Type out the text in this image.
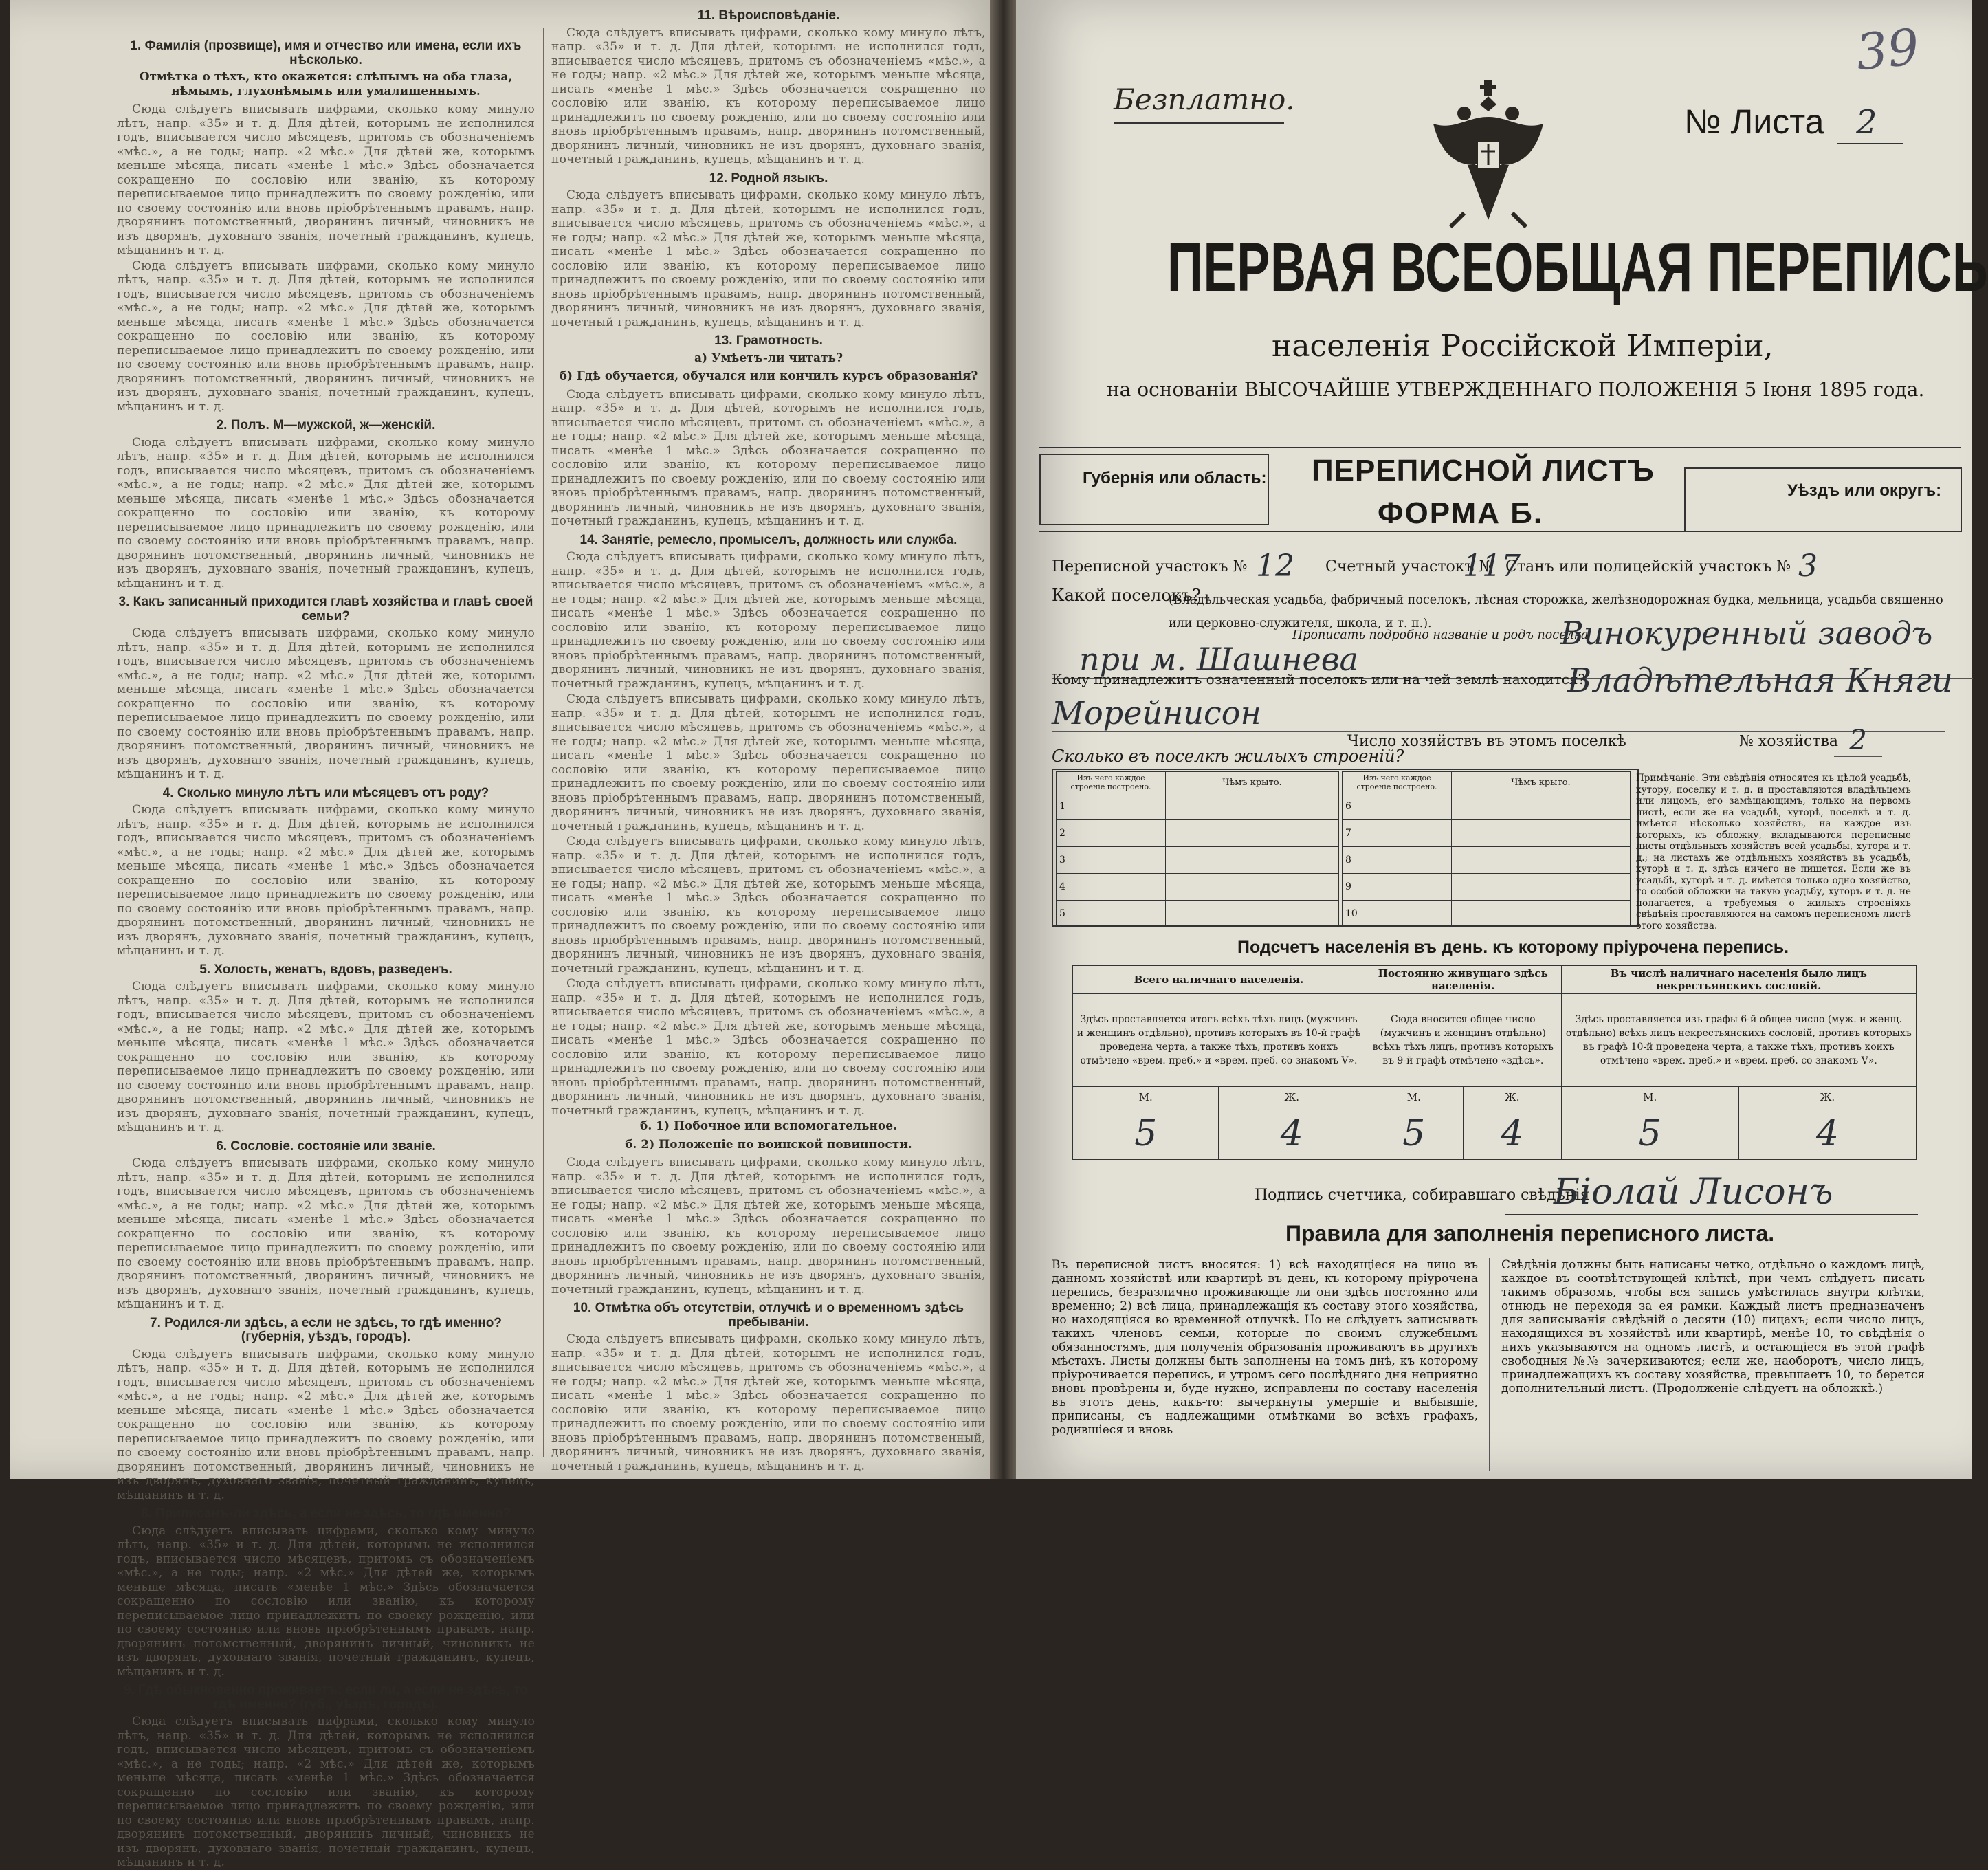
1. Фамилія (прозвище), имя и отчество или имена, если ихъ нѣсколько.
Отмѣтка о тѣхъ, кто окажется: слѣпымъ на оба глаза, нѣмымъ, глухонѣмымъ или умалишеннымъ.

Сюда слѣдуетъ вписывать цифрами, сколько кому минуло лѣтъ, напр. «35» и т. д. Для дѣтей, которымъ не исполнился годъ, вписывается число мѣсяцевъ, притомъ съ обозначеніемъ «мѣс.», а не годы; напр. «2 мѣс.» Для дѣтей же, которымъ меньше мѣсяца, писать «менѣе 1 мѣс.» Здѣсь обозначается сокращенно по сословію или званію, къ которому переписываемое лицо принадлежитъ по своему рожденію, или по своему состоянію или вновь пріобрѣтеннымъ правамъ, напр. дворянинъ потомственный, дворянинъ личный, чиновникъ не изъ дворянъ, духовнаго званія, почетный гражданинъ, купецъ, мѣщанинъ и т. д.

Сюда слѣдуетъ вписывать цифрами, сколько кому минуло лѣтъ, напр. «35» и т. д. Для дѣтей, которымъ не исполнился годъ, вписывается число мѣсяцевъ, притомъ съ обозначеніемъ «мѣс.», а не годы; напр. «2 мѣс.» Для дѣтей же, которымъ меньше мѣсяца, писать «менѣе 1 мѣс.» Здѣсь обозначается сокращенно по сословію или званію, къ которому переписываемое лицо принадлежитъ по своему рожденію, или по своему состоянію или вновь пріобрѣтеннымъ правамъ, напр. дворянинъ потомственный, дворянинъ личный, чиновникъ не изъ дворянъ, духовнаго званія, почетный гражданинъ, купецъ, мѣщанинъ и т. д.

2. Полъ. М—мужской, ж—женскій.

Сюда слѣдуетъ вписывать цифрами, сколько кому минуло лѣтъ, напр. «35» и т. д. Для дѣтей, которымъ не исполнился годъ, вписывается число мѣсяцевъ, притомъ съ обозначеніемъ «мѣс.», а не годы; напр. «2 мѣс.» Для дѣтей же, которымъ меньше мѣсяца, писать «менѣе 1 мѣс.» Здѣсь обозначается сокращенно по сословію или званію, къ которому переписываемое лицо принадлежитъ по своему рожденію, или по своему состоянію или вновь пріобрѣтеннымъ правамъ, напр. дворянинъ потомственный, дворянинъ личный, чиновникъ не изъ дворянъ, духовнаго званія, почетный гражданинъ, купецъ, мѣщанинъ и т. д.

3. Какъ записанный приходится главѣ хозяйства и главѣ своей семьи?

Сюда слѣдуетъ вписывать цифрами, сколько кому минуло лѣтъ, напр. «35» и т. д. Для дѣтей, которымъ не исполнился годъ, вписывается число мѣсяцевъ, притомъ съ обозначеніемъ «мѣс.», а не годы; напр. «2 мѣс.» Для дѣтей же, которымъ меньше мѣсяца, писать «менѣе 1 мѣс.» Здѣсь обозначается сокращенно по сословію или званію, къ которому переписываемое лицо принадлежитъ по своему рожденію, или по своему состоянію или вновь пріобрѣтеннымъ правамъ, напр. дворянинъ потомственный, дворянинъ личный, чиновникъ не изъ дворянъ, духовнаго званія, почетный гражданинъ, купецъ, мѣщанинъ и т. д.

4. Сколько минуло лѣтъ или мѣсяцевъ отъ роду?

Сюда слѣдуетъ вписывать цифрами, сколько кому минуло лѣтъ, напр. «35» и т. д. Для дѣтей, которымъ не исполнился годъ, вписывается число мѣсяцевъ, притомъ съ обозначеніемъ «мѣс.», а не годы; напр. «2 мѣс.» Для дѣтей же, которымъ меньше мѣсяца, писать «менѣе 1 мѣс.» Здѣсь обозначается сокращенно по сословію или званію, къ которому переписываемое лицо принадлежитъ по своему рожденію, или по своему состоянію или вновь пріобрѣтеннымъ правамъ, напр. дворянинъ потомственный, дворянинъ личный, чиновникъ не изъ дворянъ, духовнаго званія, почетный гражданинъ, купецъ, мѣщанинъ и т. д.

5. Холость, женатъ, вдовъ, разведенъ.

Сюда слѣдуетъ вписывать цифрами, сколько кому минуло лѣтъ, напр. «35» и т. д. Для дѣтей, которымъ не исполнился годъ, вписывается число мѣсяцевъ, притомъ съ обозначеніемъ «мѣс.», а не годы; напр. «2 мѣс.» Для дѣтей же, которымъ меньше мѣсяца, писать «менѣе 1 мѣс.» Здѣсь обозначается сокращенно по сословію или званію, къ которому переписываемое лицо принадлежитъ по своему рожденію, или по своему состоянію или вновь пріобрѣтеннымъ правамъ, напр. дворянинъ потомственный, дворянинъ личный, чиновникъ не изъ дворянъ, духовнаго званія, почетный гражданинъ, купецъ, мѣщанинъ и т. д.

6. Сословіе. состояніе или званіе.

Сюда слѣдуетъ вписывать цифрами, сколько кому минуло лѣтъ, напр. «35» и т. д. Для дѣтей, которымъ не исполнился годъ, вписывается число мѣсяцевъ, притомъ съ обозначеніемъ «мѣс.», а не годы; напр. «2 мѣс.» Для дѣтей же, которымъ меньше мѣсяца, писать «менѣе 1 мѣс.» Здѣсь обозначается сокращенно по сословію или званію, къ которому переписываемое лицо принадлежитъ по своему рожденію, или по своему состоянію или вновь пріобрѣтеннымъ правамъ, напр. дворянинъ потомственный, дворянинъ личный, чиновникъ не изъ дворянъ, духовнаго званія, почетный гражданинъ, купецъ, мѣщанинъ и т. д.

7. Родился-ли здѣсь, а если не здѣсь, то гдѣ именно? (губернія, уѣздъ, городъ).

Сюда слѣдуетъ вписывать цифрами, сколько кому минуло лѣтъ, напр. «35» и т. д. Для дѣтей, которымъ не исполнился годъ, вписывается число мѣсяцевъ, притомъ съ обозначеніемъ «мѣс.», а не годы; напр. «2 мѣс.» Для дѣтей же, которымъ меньше мѣсяца, писать «менѣе 1 мѣс.» Здѣсь обозначается сокращенно по сословію или званію, къ которому переписываемое лицо принадлежитъ по своему рожденію, или по своему состоянію или вновь пріобрѣтеннымъ правамъ, напр. дворянинъ потомственный, дворянинъ личный, чиновникъ не изъ дворянъ, духовнаго званія, почетный гражданинъ, купецъ, мѣщанинъ и т. д.

8. Приписанъ-ли здѣсь, а если не здѣсь, то гдѣ именно?

Сюда слѣдуетъ вписывать цифрами, сколько кому минуло лѣтъ, напр. «35» и т. д. Для дѣтей, которымъ не исполнился годъ, вписывается число мѣсяцевъ, притомъ съ обозначеніемъ «мѣс.», а не годы; напр. «2 мѣс.» Для дѣтей же, которымъ меньше мѣсяца, писать «менѣе 1 мѣс.» Здѣсь обозначается сокращенно по сословію или званію, къ которому переписываемое лицо принадлежитъ по своему рожденію, или по своему состоянію или вновь пріобрѣтеннымъ правамъ, напр. дворянинъ потомственный, дворянинъ личный, чиновникъ не изъ дворянъ, духовнаго званія, почетный гражданинъ, купецъ, мѣщанинъ и т. д.

9. Гдѣ обыкновенно проживаетъ: если ли, а если не здѣсь, то гдѣ именно? (губ., уѣздъ, городъ).

Сюда слѣдуетъ вписывать цифрами, сколько кому минуло лѣтъ, напр. «35» и т. д. Для дѣтей, которымъ не исполнился годъ, вписывается число мѣсяцевъ, притомъ съ обозначеніемъ «мѣс.», а не годы; напр. «2 мѣс.» Для дѣтей же, которымъ меньше мѣсяца, писать «менѣе 1 мѣс.» Здѣсь обозначается сокращенно по сословію или званію, къ которому переписываемое лицо принадлежитъ по своему рожденію, или по своему состоянію или вновь пріобрѣтеннымъ правамъ, напр. дворянинъ потомственный, дворянинъ личный, чиновникъ не изъ дворянъ, духовнаго званія, почетный гражданинъ, купецъ, мѣщанинъ и т. д.

11. Вѣроисповѣданіе.

Сюда слѣдуетъ вписывать цифрами, сколько кому минуло лѣтъ, напр. «35» и т. д. Для дѣтей, которымъ не исполнился годъ, вписывается число мѣсяцевъ, притомъ съ обозначеніемъ «мѣс.», а не годы; напр. «2 мѣс.» Для дѣтей же, которымъ меньше мѣсяца, писать «менѣе 1 мѣс.» Здѣсь обозначается сокращенно по сословію или званію, къ которому переписываемое лицо принадлежитъ по своему рожденію, или по своему состоянію или вновь пріобрѣтеннымъ правамъ, напр. дворянинъ потомственный, дворянинъ личный, чиновникъ не изъ дворянъ, духовнаго званія, почетный гражданинъ, купецъ, мѣщанинъ и т. д.

12. Родной языкъ.

Сюда слѣдуетъ вписывать цифрами, сколько кому минуло лѣтъ, напр. «35» и т. д. Для дѣтей, которымъ не исполнился годъ, вписывается число мѣсяцевъ, притомъ съ обозначеніемъ «мѣс.», а не годы; напр. «2 мѣс.» Для дѣтей же, которымъ меньше мѣсяца, писать «менѣе 1 мѣс.» Здѣсь обозначается сокращенно по сословію или званію, къ которому переписываемое лицо принадлежитъ по своему рожденію, или по своему состоянію или вновь пріобрѣтеннымъ правамъ, напр. дворянинъ потомственный, дворянинъ личный, чиновникъ не изъ дворянъ, духовнаго званія, почетный гражданинъ, купецъ, мѣщанинъ и т. д.

13. Грамотность.
а) Умѣетъ-ли читать?
б) Гдѣ обучается, обучался или кончилъ курсъ образованія?

Сюда слѣдуетъ вписывать цифрами, сколько кому минуло лѣтъ, напр. «35» и т. д. Для дѣтей, которымъ не исполнился годъ, вписывается число мѣсяцевъ, притомъ съ обозначеніемъ «мѣс.», а не годы; напр. «2 мѣс.» Для дѣтей же, которымъ меньше мѣсяца, писать «менѣе 1 мѣс.» Здѣсь обозначается сокращенно по сословію или званію, къ которому переписываемое лицо принадлежитъ по своему рожденію, или по своему состоянію или вновь пріобрѣтеннымъ правамъ, напр. дворянинъ потомственный, дворянинъ личный, чиновникъ не изъ дворянъ, духовнаго званія, почетный гражданинъ, купецъ, мѣщанинъ и т. д.

14. Занятіе, ремесло, промыселъ, должность или служба.

Сюда слѣдуетъ вписывать цифрами, сколько кому минуло лѣтъ, напр. «35» и т. д. Для дѣтей, которымъ не исполнился годъ, вписывается число мѣсяцевъ, притомъ съ обозначеніемъ «мѣс.», а не годы; напр. «2 мѣс.» Для дѣтей же, которымъ меньше мѣсяца, писать «менѣе 1 мѣс.» Здѣсь обозначается сокращенно по сословію или званію, къ которому переписываемое лицо принадлежитъ по своему рожденію, или по своему состоянію или вновь пріобрѣтеннымъ правамъ, напр. дворянинъ потомственный, дворянинъ личный, чиновникъ не изъ дворянъ, духовнаго званія, почетный гражданинъ, купецъ, мѣщанинъ и т. д.

Сюда слѣдуетъ вписывать цифрами, сколько кому минуло лѣтъ, напр. «35» и т. д. Для дѣтей, которымъ не исполнился годъ, вписывается число мѣсяцевъ, притомъ съ обозначеніемъ «мѣс.», а не годы; напр. «2 мѣс.» Для дѣтей же, которымъ меньше мѣсяца, писать «менѣе 1 мѣс.» Здѣсь обозначается сокращенно по сословію или званію, къ которому переписываемое лицо принадлежитъ по своему рожденію, или по своему состоянію или вновь пріобрѣтеннымъ правамъ, напр. дворянинъ потомственный, дворянинъ личный, чиновникъ не изъ дворянъ, духовнаго званія, почетный гражданинъ, купецъ, мѣщанинъ и т. д.

Сюда слѣдуетъ вписывать цифрами, сколько кому минуло лѣтъ, напр. «35» и т. д. Для дѣтей, которымъ не исполнился годъ, вписывается число мѣсяцевъ, притомъ съ обозначеніемъ «мѣс.», а не годы; напр. «2 мѣс.» Для дѣтей же, которымъ меньше мѣсяца, писать «менѣе 1 мѣс.» Здѣсь обозначается сокращенно по сословію или званію, къ которому переписываемое лицо принадлежитъ по своему рожденію, или по своему состоянію или вновь пріобрѣтеннымъ правамъ, напр. дворянинъ потомственный, дворянинъ личный, чиновникъ не изъ дворянъ, духовнаго званія, почетный гражданинъ, купецъ, мѣщанинъ и т. д.

Сюда слѣдуетъ вписывать цифрами, сколько кому минуло лѣтъ, напр. «35» и т. д. Для дѣтей, которымъ не исполнился годъ, вписывается число мѣсяцевъ, притомъ съ обозначеніемъ «мѣс.», а не годы; напр. «2 мѣс.» Для дѣтей же, которымъ меньше мѣсяца, писать «менѣе 1 мѣс.» Здѣсь обозначается сокращенно по сословію или званію, къ которому переписываемое лицо принадлежитъ по своему рожденію, или по своему состоянію или вновь пріобрѣтеннымъ правамъ, напр. дворянинъ потомственный, дворянинъ личный, чиновникъ не изъ дворянъ, духовнаго званія, почетный гражданинъ, купецъ, мѣщанинъ и т. д.

б. 1) Побочное или вспомогательное.
б. 2) Положеніе по воинской повинности.

Сюда слѣдуетъ вписывать цифрами, сколько кому минуло лѣтъ, напр. «35» и т. д. Для дѣтей, которымъ не исполнился годъ, вписывается число мѣсяцевъ, притомъ съ обозначеніемъ «мѣс.», а не годы; напр. «2 мѣс.» Для дѣтей же, которымъ меньше мѣсяца, писать «менѣе 1 мѣс.» Здѣсь обозначается сокращенно по сословію или званію, къ которому переписываемое лицо принадлежитъ по своему рожденію, или по своему состоянію или вновь пріобрѣтеннымъ правамъ, напр. дворянинъ потомственный, дворянинъ личный, чиновникъ не изъ дворянъ, духовнаго званія, почетный гражданинъ, купецъ, мѣщанинъ и т. д.

10. Отмѣтка объ отсутствіи, отлучкѣ и о временномъ здѣсь пребываніи.

Сюда слѣдуетъ вписывать цифрами, сколько кому минуло лѣтъ, напр. «35» и т. д. Для дѣтей, которымъ не исполнился годъ, вписывается число мѣсяцевъ, притомъ съ обозначеніемъ «мѣс.», а не годы; напр. «2 мѣс.» Для дѣтей же, которымъ меньше мѣсяца, писать «менѣе 1 мѣс.» Здѣсь обозначается сокращенно по сословію или званію, къ которому переписываемое лицо принадлежитъ по своему рожденію, или по своему состоянію или вновь пріобрѣтеннымъ правамъ, напр. дворянинъ потомственный, дворянинъ личный, чиновникъ не изъ дворянъ, духовнаго званія, почетный гражданинъ, купецъ, мѣщанинъ и т. д.

39
Безплатно.
№ Листа 2
ПЕРВАЯ ВСЕОБЩАЯ ПЕРЕПИСЬ
населенія Россійской Имперіи,
на основаніи ВЫСОЧАЙШЕ УТВЕРЖДЕННАГО ПОЛОЖЕНІЯ 5 Іюня 1895 года.
Губернія или область: ПЕРЕПИСНОЙ ЛИСТЪ
ФОРМА Б.
Уѣздъ или округъ:
Переписной участокъ № 12	Счетный участокъ №
117
Станъ или полицейскій участокъ № 3
Какой поселокъ?
(Владѣльческая усадьба, фабричный поселокъ, лѣсная сторожка, желѣзнодорожная будка, мельница, усадьба священно или церковно-служителя, школа, и т. п.).
Прописать подробно названіе и родъ поселка
Винокуренный заводъ
при м. Шашнева
Кому принадлежитъ означенный поселокъ или на чей землѣ находится?
Владѣтельная Княги
Морейнисон
Число хозяйствъ въ этомъ поселкѣ	№ хозяйства 2
Сколько въ поселкѣ жилыхъ строеній?
Изъ чего каждое строеніе построено.	Чѣмъ крыто.
1	
2	
3	
4	
5	
Изъ чего каждое строеніе построено.	Чѣмъ крыто.
6	
7	
8	
9	
10	
Примѣчаніе. Эти свѣдѣнія относятся къ цѣлой усадьбѣ, хутору, поселку и т. д. и проставляются владѣльцемъ или лицомъ, его замѣщающимъ, только на первомъ листѣ, если же на усадьбѣ, хуторѣ, поселкѣ и т. д. имѣется нѣсколько хозяйствъ, на каждое изъ которыхъ, къ обложку, вкладываются переписные листы отдѣльныхъ хозяйствъ всей усадьбы, хутора и т. д.; на листахъ же отдѣльныхъ хозяйствъ въ усадьбѣ, хуторѣ и т. д. здѣсь ничего не пишется. Если же въ усадьбѣ, хуторѣ и т. д. имѣется только одно хозяйство, то особой обложки на такую усадьбу, хуторъ и т. д. не полагается, а требуемыя о жилыхъ строеніяхъ свѣдѣнія проставляются на самомъ переписномъ листѣ этого хозяйства.
Подсчетъ населенія въ день. къ которому пріурочена перепись.
Всего наличнаго населенія.		Постоянно живущаго здѣсь населенія.		Въ числѣ наличнаго населенія было лицъ некрестьянскихъ сословій.	
Здѣсь проставляется итогъ всѣхъ тѣхъ лицъ (мужчинъ и женщинъ отдѣльно), противъ которыхъ въ 10-й графѣ проведена черта, а также тѣхъ, противъ коихъ отмѣчено «врем. преб.» и «врем. преб. со знакомъ V».		Сюда вносится общее число (мужчинъ и женщинъ отдѣльно) всѣхъ тѣхъ лицъ, противъ которыхъ въ 9-й графѣ отмѣчено «здѣсь».		Здѣсь проставляется изъ графы 6-й общее число (муж. и женщ. отдѣльно) всѣхъ лицъ некрестьянскихъ сословій, противъ которыхъ въ графѣ 10-й проведена черта, а также тѣхъ, противъ коихъ отмѣчено «врем. преб.» и «врем. преб. со знакомъ V».	
М.	Ж.	М.	Ж.	М.	Ж.
5	4	5	4	5	4
Подпись счетчика, собиравшаго свѣдѣнія
Біолай Лисонъ
Правила для заполненія переписного листа.
Въ переписной листъ вносятся: 1) всѣ находящіеся на лицо въ данномъ хозяйствѣ или квартирѣ въ день, къ которому пріурочена перепись, безразлично проживающіе ли они здѣсь постоянно или временно; 2) всѣ лица, принадлежащія къ составу этого хозяйства, но находящіяся во временной отлучкѣ. Но не слѣдуетъ записывать такихъ членовъ семьи, которые по своимъ служебнымъ обязанностямъ, для полученія образованія проживаютъ въ другихъ мѣстахъ. Листы должны быть заполнены на томъ днѣ, къ которому пріурочивается перепись, и утромъ сего послѣдняго дня неприятно вновь провѣрены и, буде нужно, исправлены по составу населенія въ этотъ день, какъ-то: вычеркнуты умершіе и выбывшіе, приписаны, съ надлежащими отмѣтками во всѣхъ графахъ, родившіеся и вновь
Свѣдѣнія должны быть написаны четко, отдѣльно о каждомъ лицѣ, каждое въ соотвѣтствующей клѣткѣ, при чемъ слѣдуетъ писать такимъ образомъ, чтобы вся запись умѣстилась внутри клѣтки, отнюдь не переходя за ея рамки. Каждый листъ предназначенъ для записыванія свѣдѣній о десяти (10) лицахъ; если число лицъ, находящихся въ хозяйствѣ или квартирѣ, менѣе 10, то свѣдѣнія о нихъ указываются на одномъ листѣ, и остающіеся въ этой графѣ свободныя №№ зачеркиваются; если же, наоборотъ, число лицъ, принадлежащихъ къ составу хозяйства, превышаетъ 10, то берется дополнительный листъ. (Продолженіе слѣдуетъ на обложкѣ.)
